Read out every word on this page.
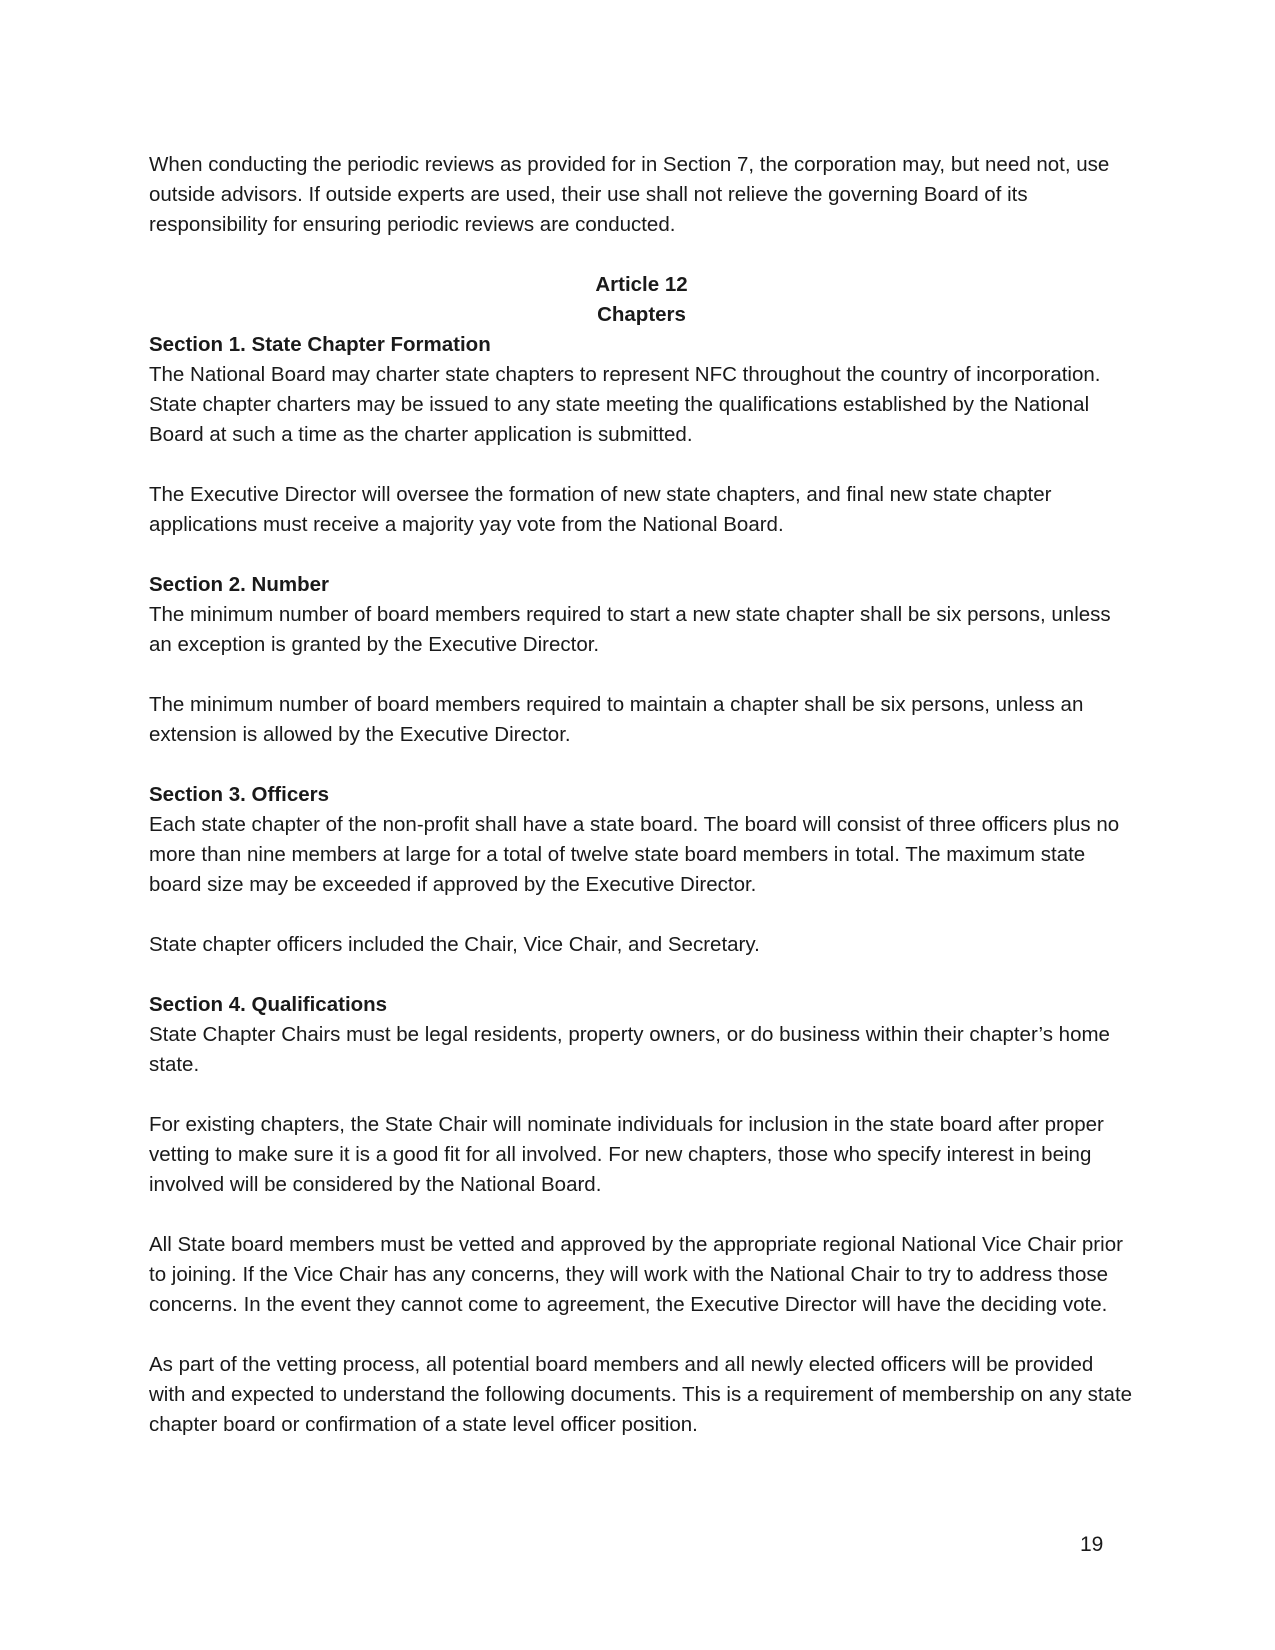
When conducting the periodic reviews as provided for in Section 7, the corporation may, but need not, use outside advisors. If outside experts are used, their use shall not relieve the governing Board of its responsibility for ensuring periodic reviews are conducted.

Article 12

Chapters

Section 1. State Chapter Formation

The National Board may charter state chapters to represent NFC throughout the country of incorporation. State chapter charters may be issued to any state meeting the qualifications established by the National Board at such a time as the charter application is submitted.

The Executive Director will oversee the formation of new state chapters, and final new state chapter applications must receive a majority yay vote from the National Board.

Section 2. Number

The minimum number of board members required to start a new state chapter shall be six persons, unless an exception is granted by the Executive Director.

The minimum number of board members required to maintain a chapter shall be six persons, unless an extension is allowed by the Executive Director.

Section 3. Officers

Each state chapter of the non-profit shall have a state board. The board will consist of three officers plus no more than nine members at large for a total of twelve state board members in total. The maximum state board size may be exceeded if approved by the Executive Director.

State chapter officers included the Chair, Vice Chair, and Secretary.

Section 4. Qualifications

State Chapter Chairs must be legal residents, property owners, or do business within their chapter’s home state.

For existing chapters, the State Chair will nominate individuals for inclusion in the state board after proper vetting to make sure it is a good fit for all involved. For new chapters, those who specify interest in being involved will be considered by the National Board.

All State board members must be vetted and approved by the appropriate regional National Vice Chair prior to joining. If the Vice Chair has any concerns, they will work with the National Chair to try to address those concerns. In the event they cannot come to agreement, the Executive Director will have the deciding vote.

As part of the vetting process, all potential board members and all newly elected officers will be provided with and expected to understand the following documents. This is a requirement of membership on any state chapter board or confirmation of a state level officer position.

19
